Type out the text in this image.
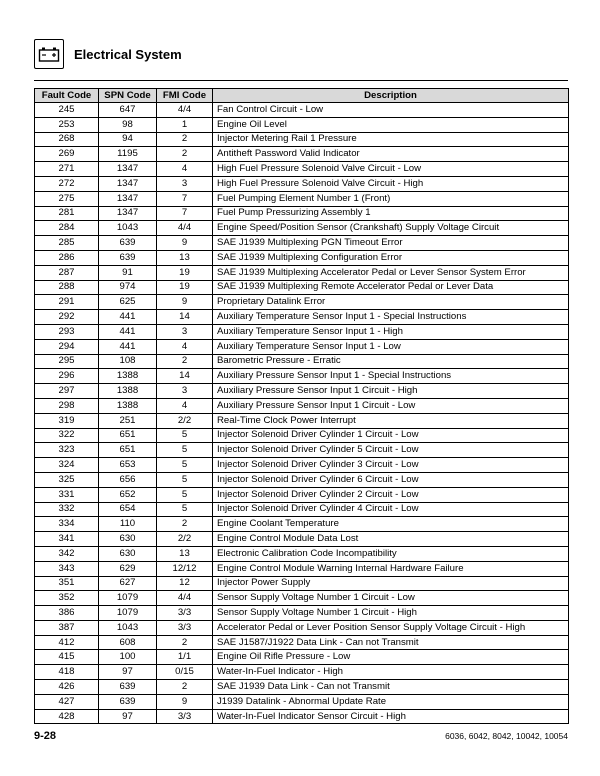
Electrical System
Fault Code	SPN Code	FMI Code	Description
245	647	4/4	Fan Control Circuit - Low
253	98	1	Engine Oil Level
268	94	2	Injector Metering Rail 1 Pressure
269	1195	2	Antitheft Password Valid Indicator
271	1347	4	High Fuel Pressure Solenoid Valve Circuit - Low
272	1347	3	High Fuel Pressure Solenoid Valve Circuit - High
275	1347	7	Fuel Pumping Element Number 1 (Front)
281	1347	7	Fuel Pump Pressurizing Assembly 1
284	1043	4/4	Engine Speed/Position Sensor (Crankshaft) Supply Voltage Circuit
285	639	9	SAE J1939 Multiplexing PGN Timeout Error
286	639	13	SAE J1939 Multiplexing Configuration Error
287	91	19	SAE J1939 Multiplexing Accelerator Pedal or Lever Sensor System Error
288	974	19	SAE J1939 Multiplexing Remote Accelerator Pedal or Lever Data
291	625	9	Proprietary Datalink Error
292	441	14	Auxiliary Temperature Sensor Input 1 - Special Instructions
293	441	3	Auxiliary Temperature Sensor Input 1 - High
294	441	4	Auxiliary Temperature Sensor Input 1 - Low
295	108	2	Barometric Pressure - Erratic
296	1388	14	Auxiliary Pressure Sensor Input 1 - Special Instructions
297	1388	3	Auxiliary Pressure Sensor Input 1 Circuit - High
298	1388	4	Auxiliary Pressure Sensor Input 1 Circuit - Low
319	251	2/2	Real-Time Clock Power Interrupt
322	651	5	Injector Solenoid Driver Cylinder 1 Circuit - Low
323	651	5	Injector Solenoid Driver Cylinder 5 Circuit - Low
324	653	5	Injector Solenoid Driver Cylinder 3 Circuit - Low
325	656	5	Injector Solenoid Driver Cylinder 6 Circuit - Low
331	652	5	Injector Solenoid Driver Cylinder 2 Circuit - Low
332	654	5	Injector Solenoid Driver Cylinder 4 Circuit - Low
334	110	2	Engine Coolant Temperature
341	630	2/2	Engine Control Module Data Lost
342	630	13	Electronic Calibration Code Incompatibility
343	629	12/12	Engine Control Module Warning Internal Hardware Failure
351	627	12	Injector Power Supply
352	1079	4/4	Sensor Supply Voltage Number 1 Circuit - Low
386	1079	3/3	Sensor Supply Voltage Number 1 Circuit - High
387	1043	3/3	Accelerator Pedal or Lever Position Sensor Supply Voltage Circuit - High
412	608	2	SAE J1587/J1922 Data Link - Can not Transmit
415	100	1/1	Engine Oil Rifle Pressure - Low
418	97	0/15	Water-In-Fuel Indicator - High
426	639	2	SAE J1939 Data Link - Can not Transmit
427	639	9	J1939 Datalink - Abnormal Update Rate
428	97	3/3	Water-In-Fuel Indicator Sensor Circuit - High
9-28	6036, 6042, 8042, 10042, 10054
